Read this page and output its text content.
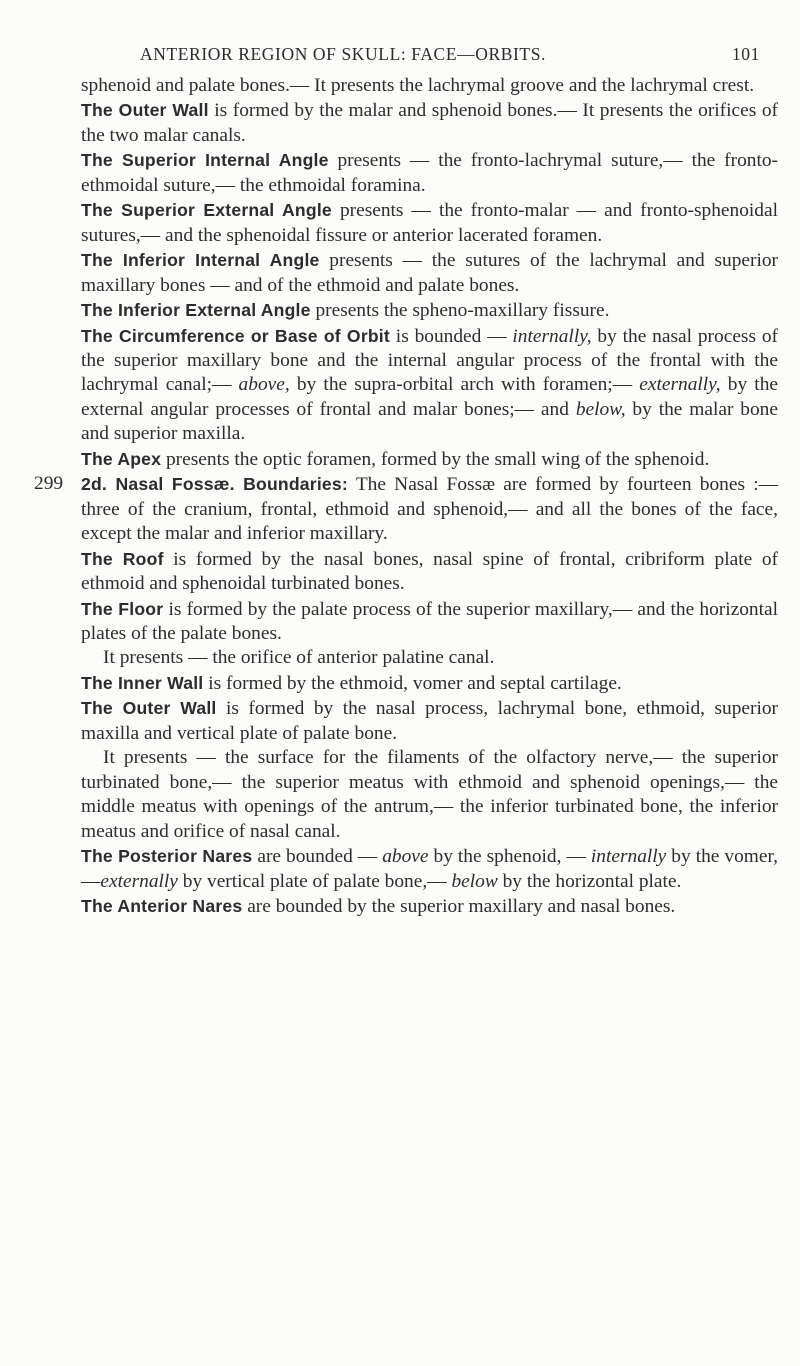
ANTERIOR REGION OF SKULL: FACE—ORBITS.	101

sphenoid and palate bones.— It presents the lachrymal groove and the lachrymal crest.

The Outer Wall is formed by the malar and sphenoid bones.— It presents the orifices of the two malar canals.

The Superior Internal Angle presents — the fronto-lachrymal suture,— the fronto-ethmoidal suture,— the ethmoidal foramina.

The Superior External Angle presents — the fronto-malar — and fronto-sphenoidal sutures,— and the sphenoidal fissure or anterior lacerated foramen.

The Inferior Internal Angle presents — the sutures of the lachrymal and superior maxillary bones — and of the ethmoid and palate bones.

The Inferior External Angle presents the spheno-maxillary fissure.

The Circumference or Base of Orbit is bounded — internally, by the nasal process of the superior maxillary bone and the internal angular process of the frontal with the lachrymal canal;— above, by the supra-orbital arch with foramen;— externally, by the external angular processes of frontal and malar bones;— and below, by the malar bone and superior maxilla.

The Apex presents the optic foramen, formed by the small wing of the sphenoid.

299 2d. Nasal Fossæ. Boundaries: The Nasal Fossæ are formed by fourteen bones :— three of the cranium, frontal, ethmoid and sphenoid,— and all the bones of the face, except the malar and inferior maxillary.

The Roof is formed by the nasal bones, nasal spine of frontal, cribriform plate of ethmoid and sphenoidal turbinated bones.

The Floor is formed by the palate process of the superior maxillary,— and the horizontal plates of the palate bones.

It presents — the orifice of anterior palatine canal.

The Inner Wall is formed by the ethmoid, vomer and septal cartilage.

The Outer Wall is formed by the nasal process, lachrymal bone, ethmoid, superior maxilla and vertical plate of palate bone.

It presents — the surface for the filaments of the olfactory nerve,— the superior turbinated bone,— the superior meatus with ethmoid and sphenoid openings,— the middle meatus with openings of the antrum,— the inferior turbinated bone, the inferior meatus and orifice of nasal canal.

The Posterior Nares are bounded — above by the sphenoid, — internally by the vomer,—externally by vertical plate of palate bone,— below by the horizontal plate.

The Anterior Nares are bounded by the superior maxillary and nasal bones.
